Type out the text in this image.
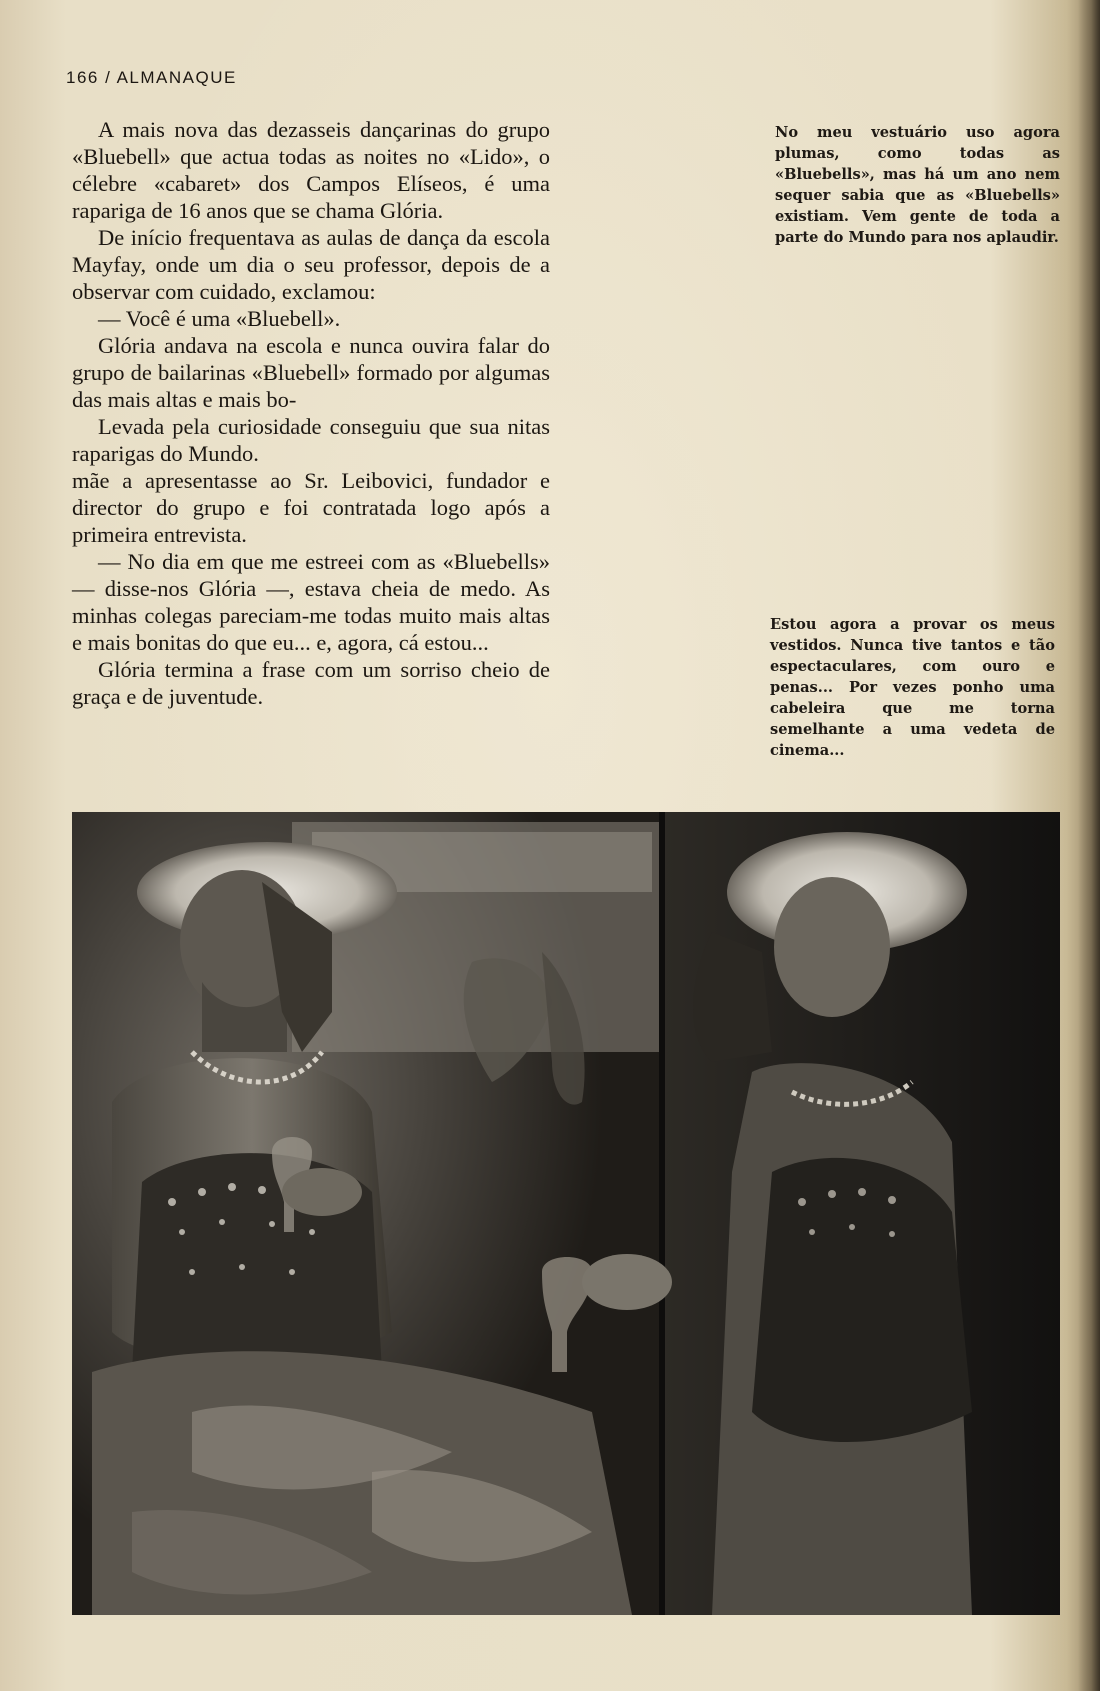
166 / ALMANAQUE

A mais nova das dezasseis dançarinas do grupo «Bluebell» que actua todas as noites no «Lido», o célebre «cabaret» dos Campos Elíseos, é uma rapariga de 16 anos que se chama Glória.

De início frequentava as aulas de dança da escola Mayfay, onde um dia o seu professor, depois de a observar com cuidado, exclamou:

— Você é uma «Bluebell».

Glória andava na escola e nunca ouvira falar do grupo de bailarinas «Bluebell» formado por algumas das mais altas e mais bo-

Levada pela curiosidade conseguiu que sua nitas raparigas do Mundo.

mãe a apresentasse ao Sr. Leibovici, fundador e director do grupo e foi contratada logo após a primeira entrevista.

— No dia em que me estreei com as «Bluebells» — disse-nos Glória —, estava cheia de medo. As minhas colegas pareciam-me todas muito mais altas e mais bonitas do que eu... e, agora, cá estou...

Glória termina a frase com um sorriso cheio de graça e de juventude.

No meu vestuário uso agora plumas, como todas as «Bluebells», mas há um ano nem sequer sabia que as «Bluebells» existiam. Vem gente de toda a parte do Mundo para nos aplaudir.
Estou agora a provar os meus vestidos. Nunca tive tantos e tão espectaculares, com ouro e penas... Por vezes ponho uma cabeleira que me torna semelhante a uma vedeta de cinema...
